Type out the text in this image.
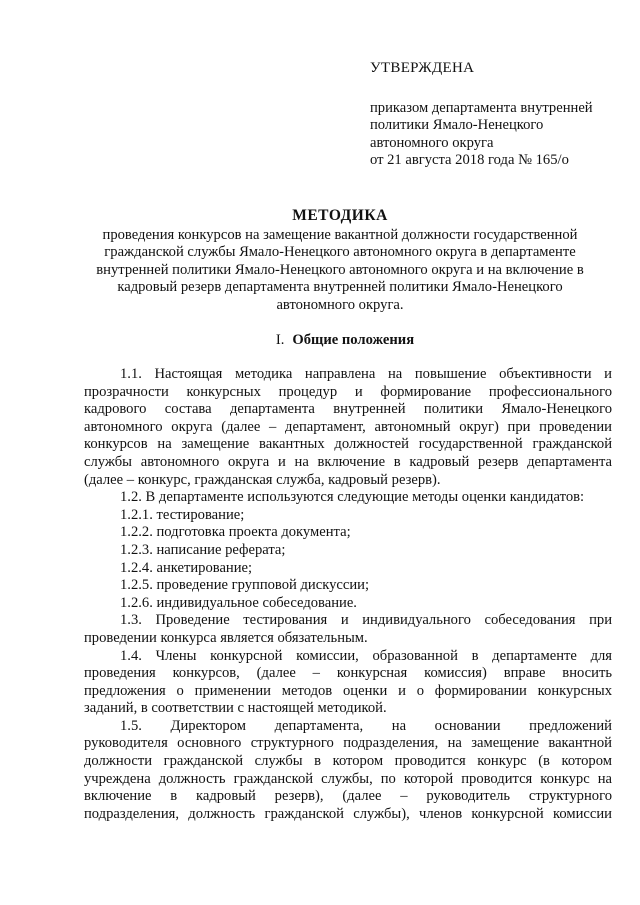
УТВЕРЖДЕНА
приказом департамента внутренней
политики Ямало-Ненецкого
автономного округа
от 21 августа 2018 года № 165/о
МЕТОДИКА
проведения конкурсов на замещение вакантной должности государственной
гражданской службы Ямало-Ненецкого автономного округа в департаменте
внутренней политики Ямало-Ненецкого автономного округа и на включение в
кадровый резерв департамента внутренней политики Ямало-Ненецкого
автономного округа.
I. Общие положения
1.1. Настоящая методика направлена на повышение объективности и
прозрачности конкурсных процедур и формирование профессионального
кадрового состава департамента внутренней политики Ямало-Ненецкого
автономного округа (далее – департамент, автономный округ) при проведении
конкурсов на замещение вакантных должностей государственной гражданской
службы автономного округа и на включение в кадровый резерв департамента
(далее – конкурс, гражданская служба, кадровый резерв).
1.2. В департаменте используются следующие методы оценки кандидатов:
1.2.1. тестирование;
1.2.2. подготовка проекта документа;
1.2.3. написание реферата;
1.2.4. анкетирование;
1.2.5. проведение групповой дискуссии;
1.2.6. индивидуальное собеседование.
1.3. Проведение тестирования и индивидуального собеседования при
проведении конкурса является обязательным.
1.4. Члены конкурсной комиссии, образованной в департаменте для
проведения конкурсов, (далее – конкурсная комиссия) вправе вносить
предложения о применении методов оценки и о формировании конкурсных
заданий, в соответствии с настоящей методикой.
1.5. Директором департамента, на основании предложений
руководителя основного структурного подразделения, на замещение вакантной
должности гражданской службы в котором проводится конкурс (в котором
учреждена должность гражданской службы, по которой проводится конкурс на
включение в кадровый резерв), (далее – руководитель структурного
подразделения, должность гражданской службы), членов конкурсной комиссии
